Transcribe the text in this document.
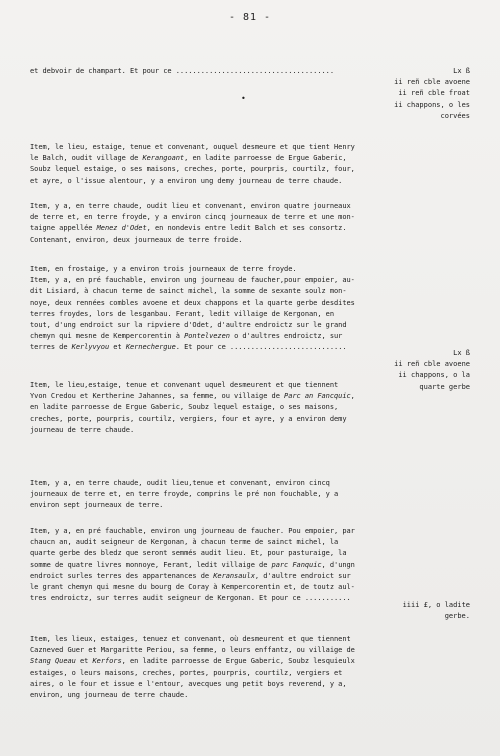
- 81 -
•
et debvoir de champart. Et pour ce ......................................
Item, le lieu, estaige, tenue et convenant, ouquel desmeure et que tient Henry
le Balch, oudit village de Kerangoant, en ladite parroesse de Ergue Gaberic,
Soubz lequel estaige, o ses maisons, creches, porte, pourpris, courtilz, four,
et ayre, o l'issue alentour, y a environ ung demy journeau de terre chaude.
Item, y a, en terre chaude, oudit lieu et convenant, environ quatre journeaux
de terre et, en terre froyde, y a environ cincq journeaux de terre et une mon-
taigne appellée Menez d'Odet, en nondevis entre ledit Balch et ses consortz.
Contenant, environ, deux journeaux de terre froide.
Item, en frostaige, y a environ trois journeaux de terre froyde.
Item, y a, en pré fauchable, environ ung journeau de faucher,pour empoier, au-
dit Lisiard, à chacun terme de sainct michel, la somme de sexante soulz mon-
noye, deux rennées combles avoene et deux chappons et la quarte gerbe desdites
terres froydes, lors de lesganbau. Ferant, ledit villaige de Kergonan, en
tout, d'ung endroict sur la ripviere d'Odet, d'aultre endroictz sur le grand
chemyn qui mesne de Kempercorentin à Pontelvezen o d'aultres endroictz, sur
terres de Kerlyvyou et Kernechergue. Et pour ce ............................
Item, le lieu,estaige, tenue et convenant uquel desmeurent et que tiennent
Yvon Credou et Kertherine Jahannes, sa femme, ou villaige de Parc an Fancquic,
en ladite parroesse de Ergue Gaberic, Soubz lequel estaige, o ses maisons,
creches, porte, pourpris, courtilz, vergiers, four et ayre, y a environ demy
journeau de terre chaude.
Item, y a, en terre chaude, oudit lieu,tenue et convenant, environ cincq
journeaux de terre et, en terre froyde, comprins le pré non fouchable, y a
environ sept journeaux de terre.
Item, y a, en pré fauchable, environ ung journeau de faucher. Pou empoier, par
chaucn an, audit seigneur de Kergonan, à chacun terme de sainct michel, la
quarte gerbe des bledz que seront semmés audit lieu. Et, pour pasturaige, la
somme de quatre livres monnoye, Ferant, ledit villaige de parc Fanquic, d'ungn
endroict surles terres des appartenances de Keransaulx, d'aultre endroict sur
le grant chemyn qui mesne du bourg de Coray à Kempercorentin et, de toutz aul-
tres endroictz, sur terres audit seigneur de Kergonan. Et pour ce ...........
Item, les lieux, estaiges, tenuez et convenant, où desmeurent et que tiennent
Cazneved Guer et Margaritte Periou, sa femme, o leurs enffantz, ou villaige de
Stang Queau et Kerfors, en ladite parroesse de Ergue Gaberic, Soubz lesquieulx
estaiges, o leurs maisons, creches, portes, pourpris, courtilz, vergiers et
aires, o le four et issue e l'entour, avecques ung petit boys reverend, y a,
environ, ung journeau de terre chaude.
Lx ß
ii reñ cble avoene
ii reñ cble froat
ii chappons, o les
corvées
Lx ß
ii reñ cble avoene
ii chappons, o la
quarte gerbe
iiii £, o ladite
gerbe.
